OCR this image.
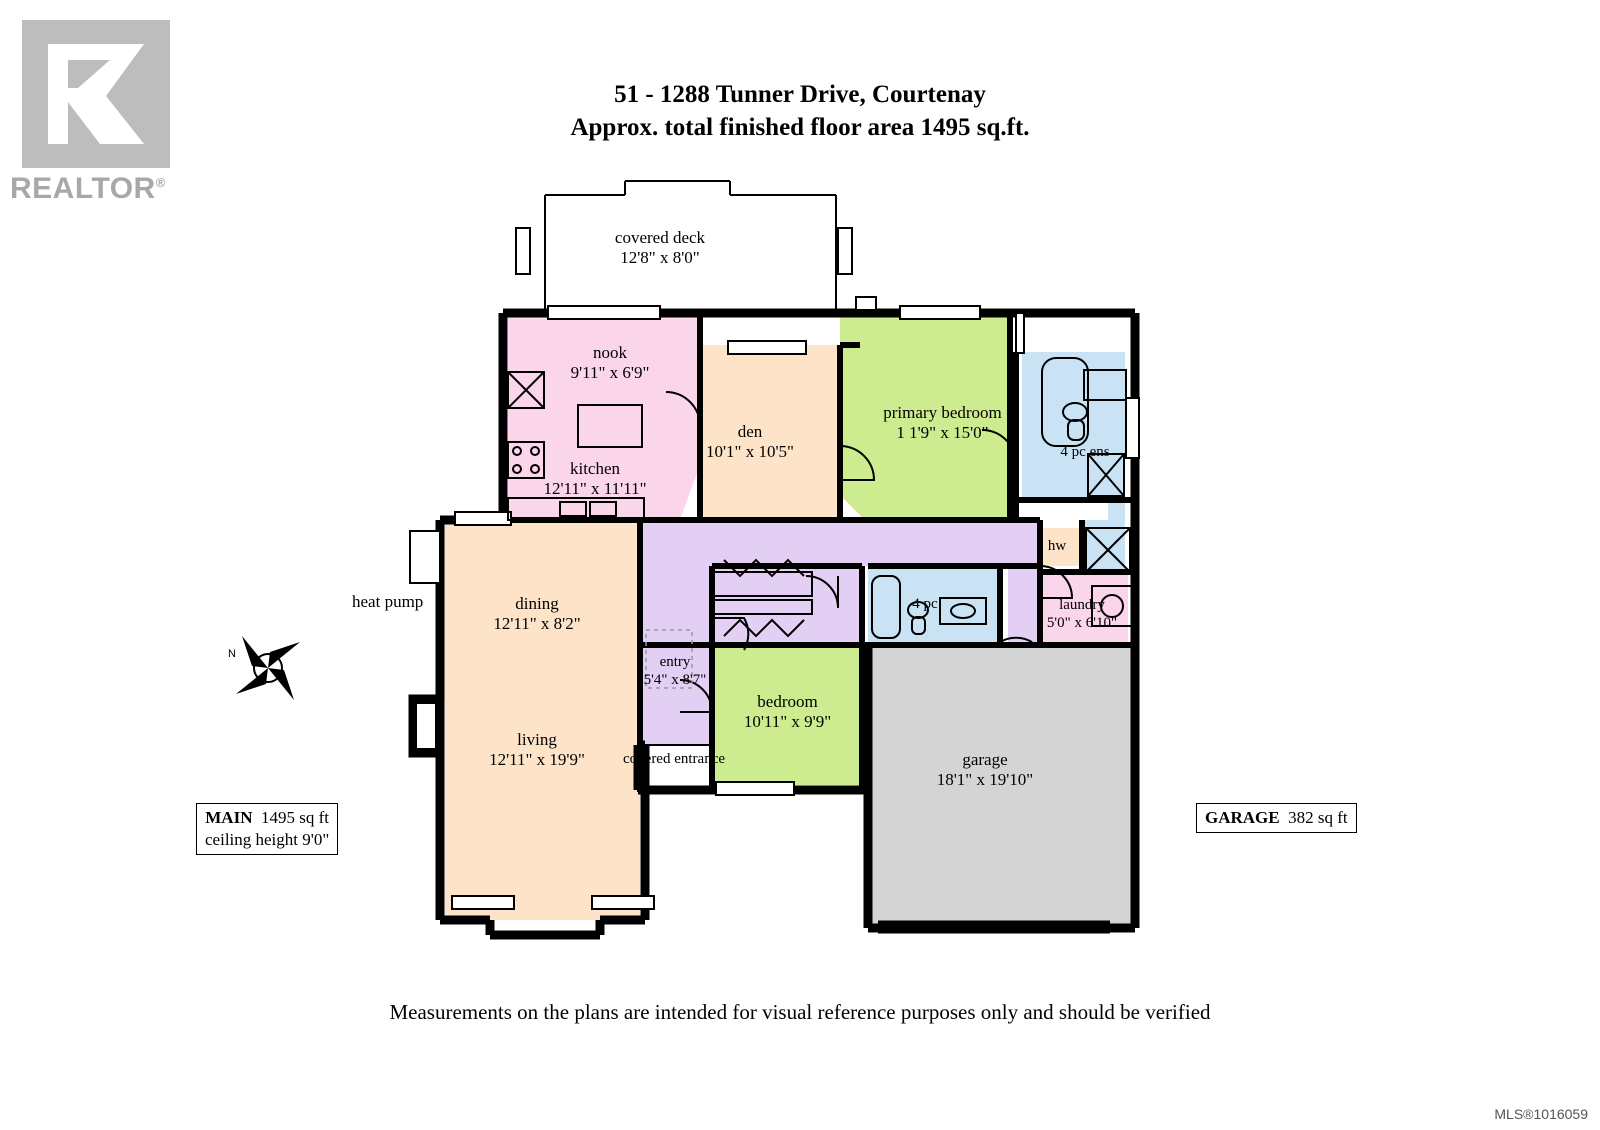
REALTOR®
51 - 1288 Tunner Drive, Courtenay
Approx. total finished floor area 1495 sq.ft.
covered deck
12'8" x 8'0"
nook
9'11" x 6'9"
kitchen
12'11" x 11'11"
den
10'1" x 10'5"
primary bedroom
1 1'9" x 15'0"
4 pc ens
hw
laundry
5'0" x 6'10"
dining
12'11" x 8'2"
living
12'11" x 19'9"
entry
5'4" x 8'7"
covered entrance
bedroom
10'11" x 9'9"
4 pc
garage
18'1" x 19'10"
heat pump
N
MAIN 1495 sq ft
ceiling height 9'0"
GARAGE 382 sq ft
Measurements on the plans are intended for visual reference purposes only and should be verified
MLS®1016059
